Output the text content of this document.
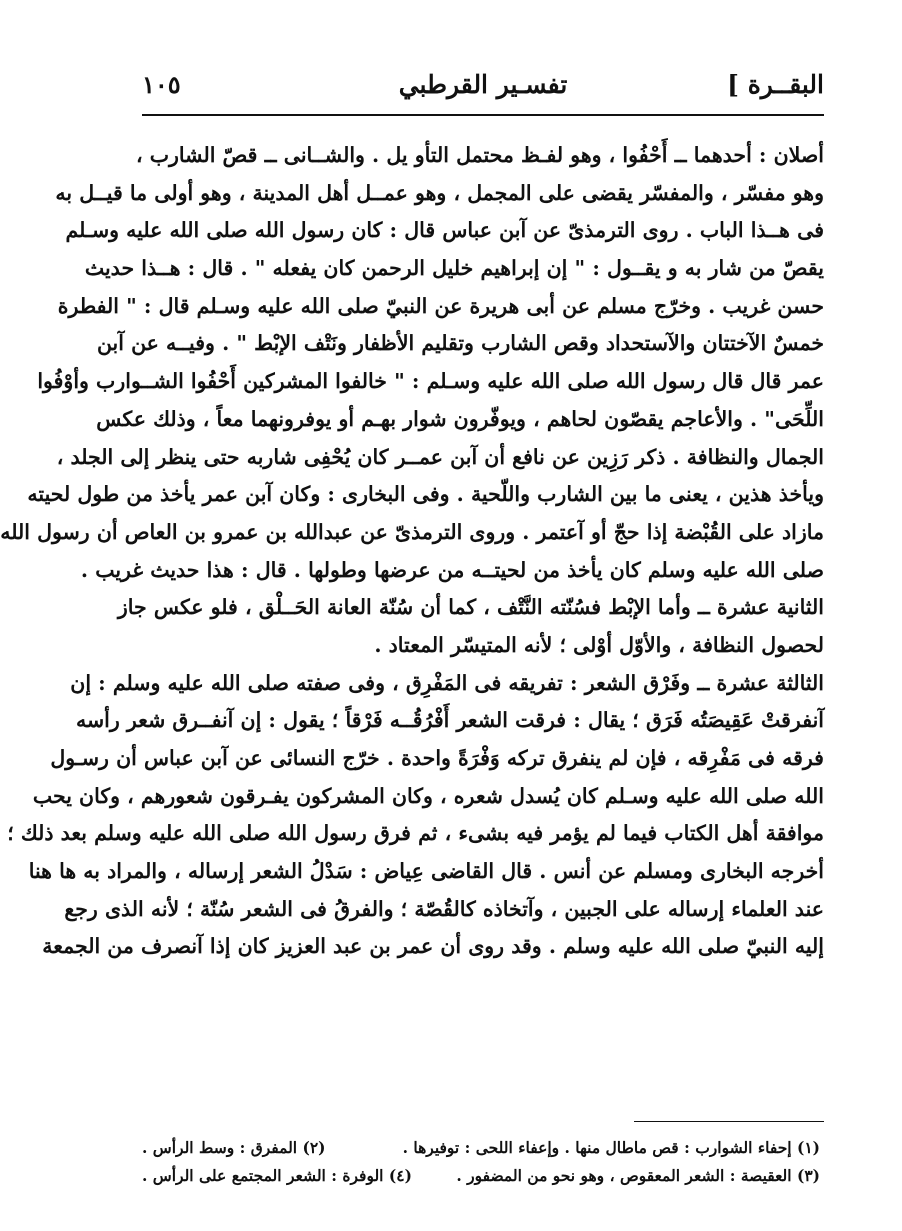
١٠٥	تفسـير القرطبي	البقــرة ]
أصلان : أحدهما ــ أَحْفُوا ، وهو لفـظ محتمل التأو يل . والشــانى ــ قصّ الشارب ،
وهو مفسّر ، والمفسّر يقضى على المجمل ، وهو عمــل أهل المدينة ، وهو أولى ما قيــل به
فى هــذا الباب . روى الترمذىّ عن آبن عباس قال : كان رسول الله صلى الله عليه وسـلم
يقصّ من شار به و يقــول : " إن إبراهيم خليل الرحمن كان يفعله " . قال : هــذا حديث
حسن غريب . وخرّج مسلم عن أبى هريرة عن النبيّ صلى الله عليه وسـلم قال : " الفطرة
خمسٌ الآختتان والآستحداد وقص الشارب وتقليم الأظفار ونَتْف الإبْط " . وفيــه عن آبن
عمر قال قال رسول الله صلى الله عليه وسـلم : " خالفوا المشركين أَحْفُوا الشــوارب وأوْفُوا
اللِّحَى" . والأعاجم يقصّون لحاهم ، ويوفّرون شوار بهـم أو يوفرونهما معاً ، وذلك عكس
الجمال والنظافة . ذكر رَزِين عن نافع أن آبن عمــر كان يُحْفِى شاربه حتى ينظر إلى الجلد ،
ويأخذ هذين ، يعنى ما بين الشارب واللّحية . وفى البخارى : وكان آبن عمر يأخذ من طول لحيته
مازاد على القُبْضة إذا حجّ أو آعتمر . وروى الترمذىّ عن عبدالله بن عمرو بن العاص أن رسول الله
صلى الله عليه وسلم كان يأخذ من لحيتــه من عرضها وطولها . قال : هذا حديث غريب .
الثانية عشرة ــ وأما الإبْط فسُنّته النَّتْف ، كما أن سُنّة العانة الحَــلْق ، فلو عكس جاز
لحصول النظافة ، والأوّل أوْلى ؛ لأنه المتيسّر المعتاد .
الثالثة عشرة ــ وفَرْق الشعر : تفريقه فى المَفْرِق ، وفى صفته صلى الله عليه وسلم : إن
آنفرقتْ عَقِيصَتُه فَرَق ؛ يقال : فرقت الشعر أَفْرُقُــه فَرْقاً ؛ يقول : إن آنفــرق شعر رأسه
فرقه فى مَفْرِقه ، فإن لم ينفرق تركه وَفْرَةً واحدة . خرّج النسائى عن آبن عباس أن رسـول
الله صلى الله عليه وسـلم كان يُسدل شعره ، وكان المشركون يفـرقون شعورهم ، وكان يحب
موافقة أهل الكتاب فيما لم يؤمر فيه بشىء ، ثم فرق رسول الله صلى الله عليه وسلم بعد ذلك ؛
أخرجه البخارى ومسلم عن أنس . قال القاضى عِياض : سَدْلُ الشعر إرساله ، والمراد به ها هنا
عند العلماء إرساله على الجبين ، وآتخاذه كالقُصّة ؛ والفرقُ فى الشعر سُنّة ؛ لأنه الذى رجع
إليه النبيّ صلى الله عليه وسلم . وقد روى أن عمر بن عبد العزيز كان إذا آنصرف من الجمعة
(١) إحفاء الشوارب : قص ماطال منها . وإعفاء اللحى : توفيرها .
(٢) المفرق : وسط الرأس .
(٣) العقيصة : الشعر المعقوص ، وهو نحو من المضفور .
(٤) الوفرة : الشعر المجتمع على الرأس .
